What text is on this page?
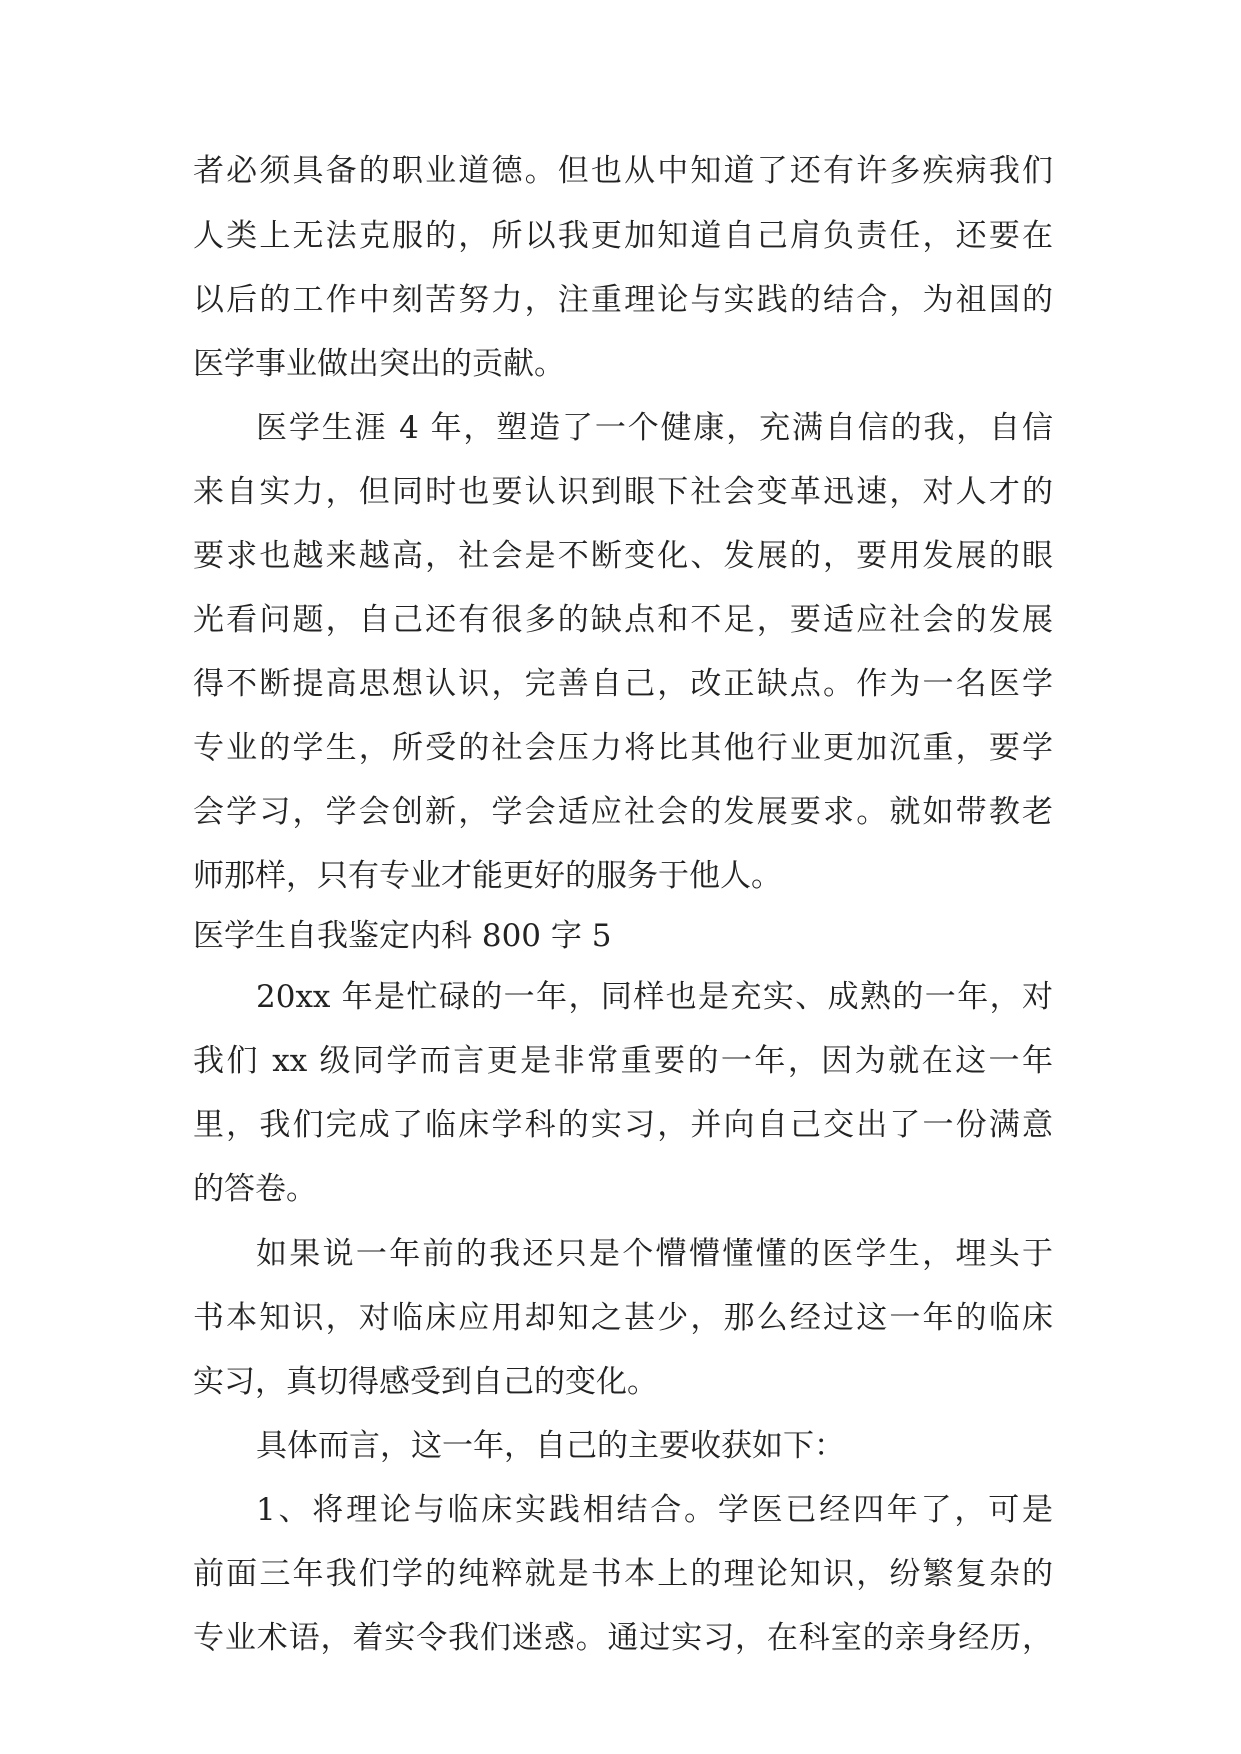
者必须具备的职业道德。但也从中知道了还有许多疾病我们
人类上无法克服的，所以我更加知道自己肩负责任，还要在
以后的工作中刻苦努力，注重理论与实践的结合，为祖国的
医学事业做出突出的贡献。
医学生涯 4 年，塑造了一个健康，充满自信的我，自信
来自实力，但同时也要认识到眼下社会变革迅速，对人才的
要求也越来越高，社会是不断变化、发展的，要用发展的眼
光看问题，自己还有很多的缺点和不足，要适应社会的发展
得不断提高思想认识，完善自己，改正缺点。作为一名医学
专业的学生，所受的社会压力将比其他行业更加沉重，要学
会学习，学会创新，学会适应社会的发展要求。就如带教老
师那样，只有专业才能更好的服务于他人。
医学生自我鉴定内科 800 字 5
20xx 年是忙碌的一年，同样也是充实、成熟的一年，对
我们 xx 级同学而言更是非常重要的一年，因为就在这一年
里，我们完成了临床学科的实习，并向自己交出了一份满意
的答卷。
如果说一年前的我还只是个懵懵懂懂的医学生，埋头于
书本知识，对临床应用却知之甚少，那么经过这一年的临床
实习，真切得感受到自己的变化。
具体而言，这一年，自己的主要收获如下：
1、将理论与临床实践相结合。学医已经四年了，可是
前面三年我们学的纯粹就是书本上的理论知识，纷繁复杂的
专业术语，着实令我们迷惑。通过实习，在科室的亲身经历，
